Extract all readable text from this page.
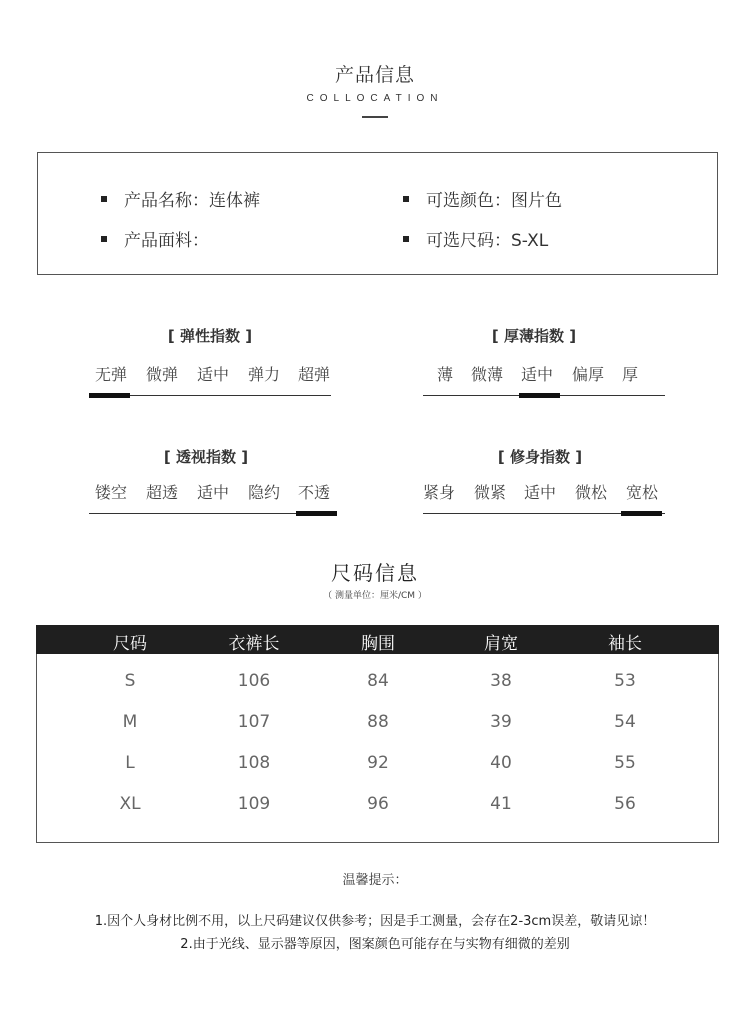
产品信息
COLLOCATION
产品名称：连体裤
产品面料：
可选颜色：图片色
可选尺码：S-XL
[ 弹性指数 ]
无弹	微弹	适中	弹力	超弹
[ 厚薄指数 ]
薄	微薄	适中	偏厚	厚
[ 透视指数 ]
镂空	超透	适中	隐约	不透
[ 修身指数 ]
紧身	微紧	适中	微松	宽松
尺码信息
（ 测量单位：厘米/CM ）
尺码	衣裤长	胸围	肩宽	袖长
S	106	84	38	53
M	107	88	39	54
L	108	92	40	55
XL	109	96	41	56
温馨提示：
1.因个人身材比例不用，以上尺码建议仅供参考；因是手工测量，会存在2-3cm误差，敬请见谅！
2.由于光线、显示器等原因，图案颜色可能存在与实物有细微的差别
